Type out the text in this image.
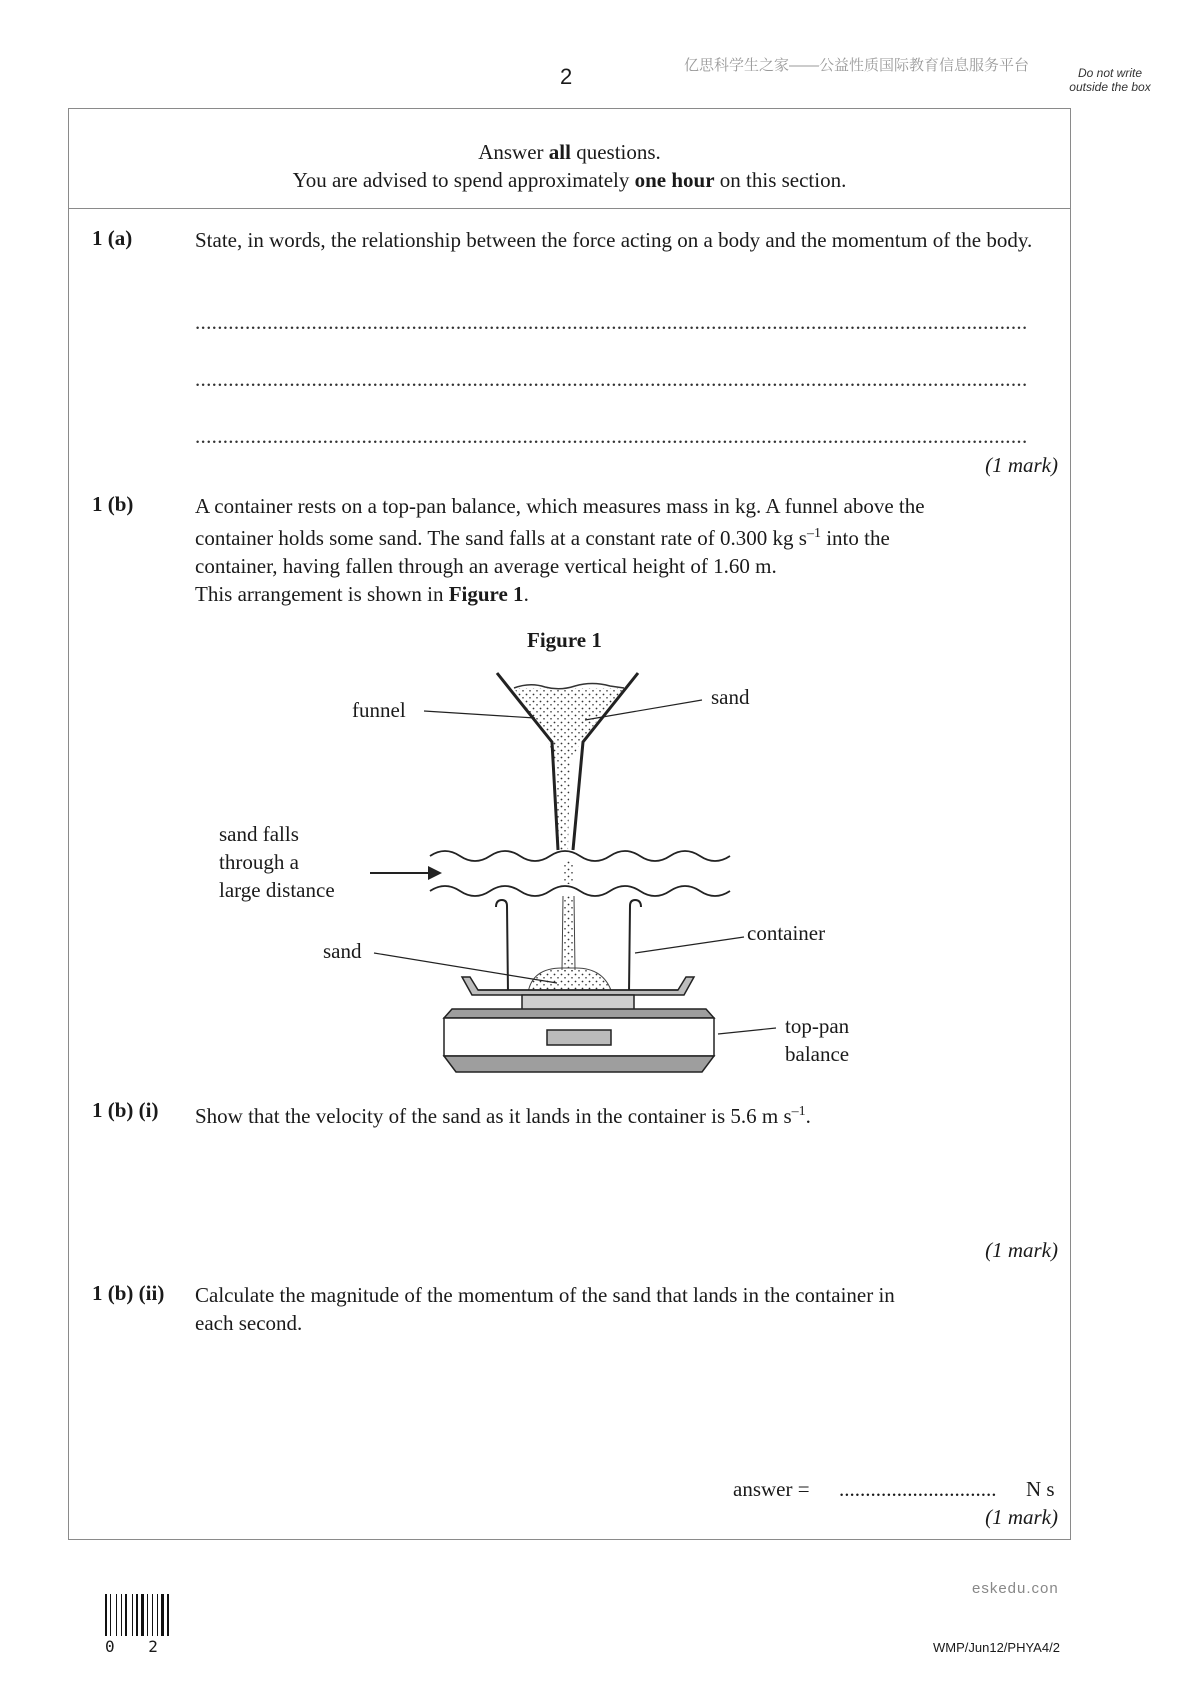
2	亿思科学生之家——公益性质国际教育信息服务平台	Do not write outside the box
Answer all questions.
You are advised to spend approximately one hour on this section.
1 (a)	State, in words, the relationship between the force acting on a body and the momentum of the body.
......................................................................................................................................................
......................................................................................................................................................
......................................................................................................................................................
(1 mark)
1 (b)	A container rests on a top-pan balance, which measures mass in kg. A funnel above the
container holds some sand. The sand falls at a constant rate of 0.300 kg $s^{-1}$ into the
container, having fallen through an average vertical height of 1.60 m.
This arrangement is shown in Figure 1.
Figure 1
funnel
sand
sand falls
through a
large distance
container
sand
top-pan
balance
1 (b) (i) Show that the velocity of the sand as it lands in the container is 5.6 m $s^{-1}$.
(1 mark)
1 (b) (ii) Calculate the magnitude of the momentum of the sand that lands in the container in
each second.
answer = .............................. N s
(1 mark)
eskedu.con
0 2	WMP/Jun12/PHYA4/2
